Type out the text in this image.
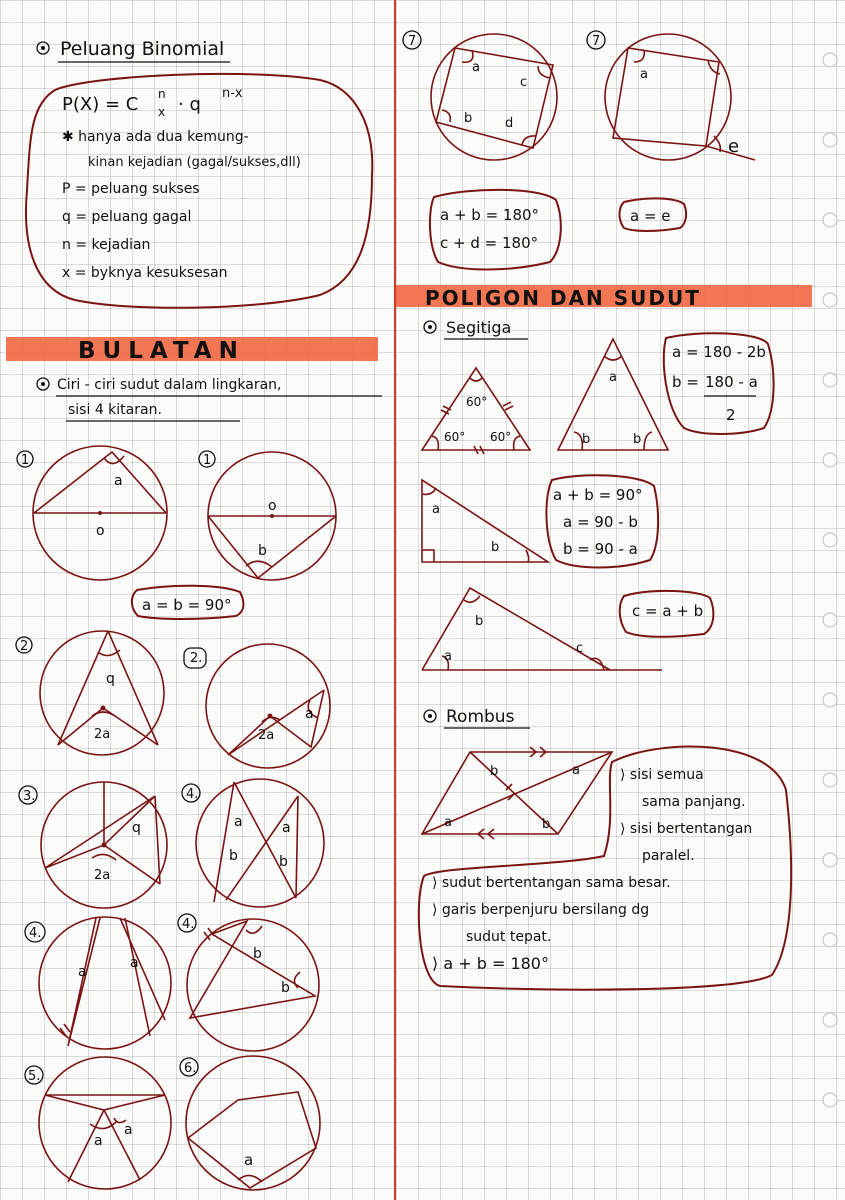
Peluang Binomial
P(X) = C n
x · q
n-x
✱ hanya ada dua kemung-
kinan kejadian (gagal/sukses,dll)
P = peluang sukses
q = peluang gagal
n = kejadian
x = byknya kesuksesan
BULATAN
Ciri - ciri sudut dalam lingkaran,
sisi 4 kitaran.
1
a
o
1
b
o
a = b = 90°
2
q
2a
2.
a
2a
3.
q
2a
4.
a	a
b	b
4.
a
a
4.
b
b
5.
a
a
6.
a
7
a
c
b	d
7
a
e
a + b = 180°
c + d = 180°
a = e
POLIGON DAN SUDUT
Segitiga
60°
60° 60°
a
b	b
a = 180 - 2b
b = 180 - a
2
a
b
a + b = 90°
a = 90 - b
b = 90 - a
a
b
c
c = a + b
Rombus
b	a
a	b
⟩ sisi semua
sama panjang.
⟩ sisi bertentangan
paralel.
⟩ sudut bertentangan sama besar.
⟩ garis berpenjuru bersilang dg
sudut tepat.
⟩ a + b = 180°
